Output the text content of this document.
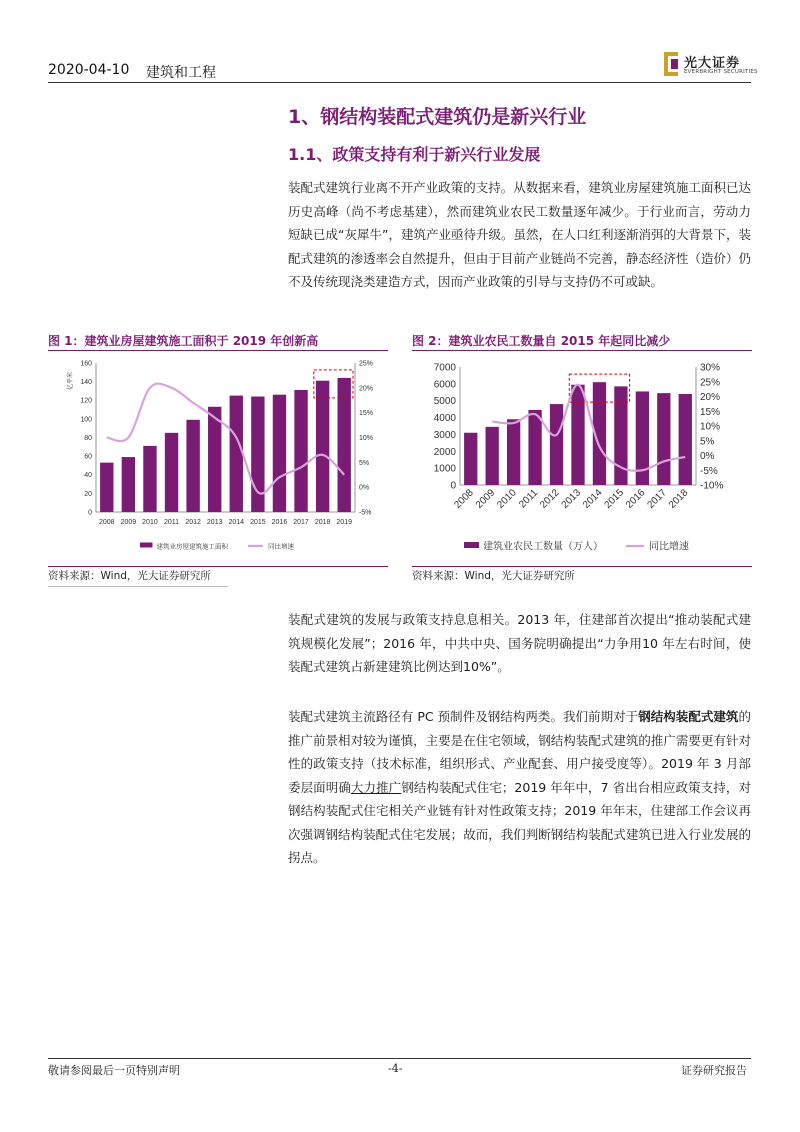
2020-04-10 建筑和工程
光大证券
EVERBRIGHT SECURITIES
1、钢结构装配式建筑仍是新兴行业
1.1、政策支持有利于新兴行业发展
装配式建筑行业离不开产业政策的支持。从数据来看，建筑业房屋建筑施工面积已达历史高峰（尚不考虑基建），然而建筑业农民工数量逐年减少。于行业而言，劳动力短缺已成“灰犀牛”，建筑产业亟待升级。虽然，在人口红利逐渐消弭的大背景下，装配式建筑的渗透率会自然提升，但由于目前产业链尚不完善，静态经济性（造价）仍不及传统现浇类建造方式，因而产业政策的引导与支持仍不可或缺。
图 1：建筑业房屋建筑施工面积于 2019 年创新高
0
20
40
60
80
100
120
140
160
-5%
0%
5%
10%
15%
20%
25%
亿平米
2008 2009 2010 2011 2012 2013 2014 2015 2016 2017 2018 2019
建筑业房屋建筑施工面积	同比增速
资料来源：Wind，光大证券研究所
图 2：建筑业农民工数量自 2015 年起同比减少
0
1000
2000
3000
4000
5000
6000
7000
-10%
-5%
0%
5%
10%
15%
20%
25%
30%
2008
2009
2010
2011
2012
2013
2014
2015
2016
2017
2018
建筑业农民工数量（万人）	同比增速
资料来源：Wind，光大证券研究所
装配式建筑的发展与政策支持息息相关。2013 年，住建部首次提出“推动装配式建筑规模化发展”；2016 年，中共中央、国务院明确提出“力争用10 年左右时间，使装配式建筑占新建建筑比例达到10%”。
装配式建筑主流路径有 PC 预制件及钢结构两类。我们前期对于钢结构装配式建筑的推广前景相对较为谨慎，主要是在住宅领域，钢结构装配式建筑的推广需要更有针对性的政策支持（技术标准，组织形式、产业配套、用户接受度等）。2019 年 3 月部委层面明确大力推广钢结构装配式住宅；2019 年年中，7 省出台相应政策支持，对钢结构装配式住宅相关产业链有针对性政策支持；2019 年年末，住建部工作会议再次强调钢结构装配式住宅发展；故而，我们判断钢结构装配式建筑已进入行业发展的拐点。
敬请参阅最后一页特别声明	-4-	证券研究报告
